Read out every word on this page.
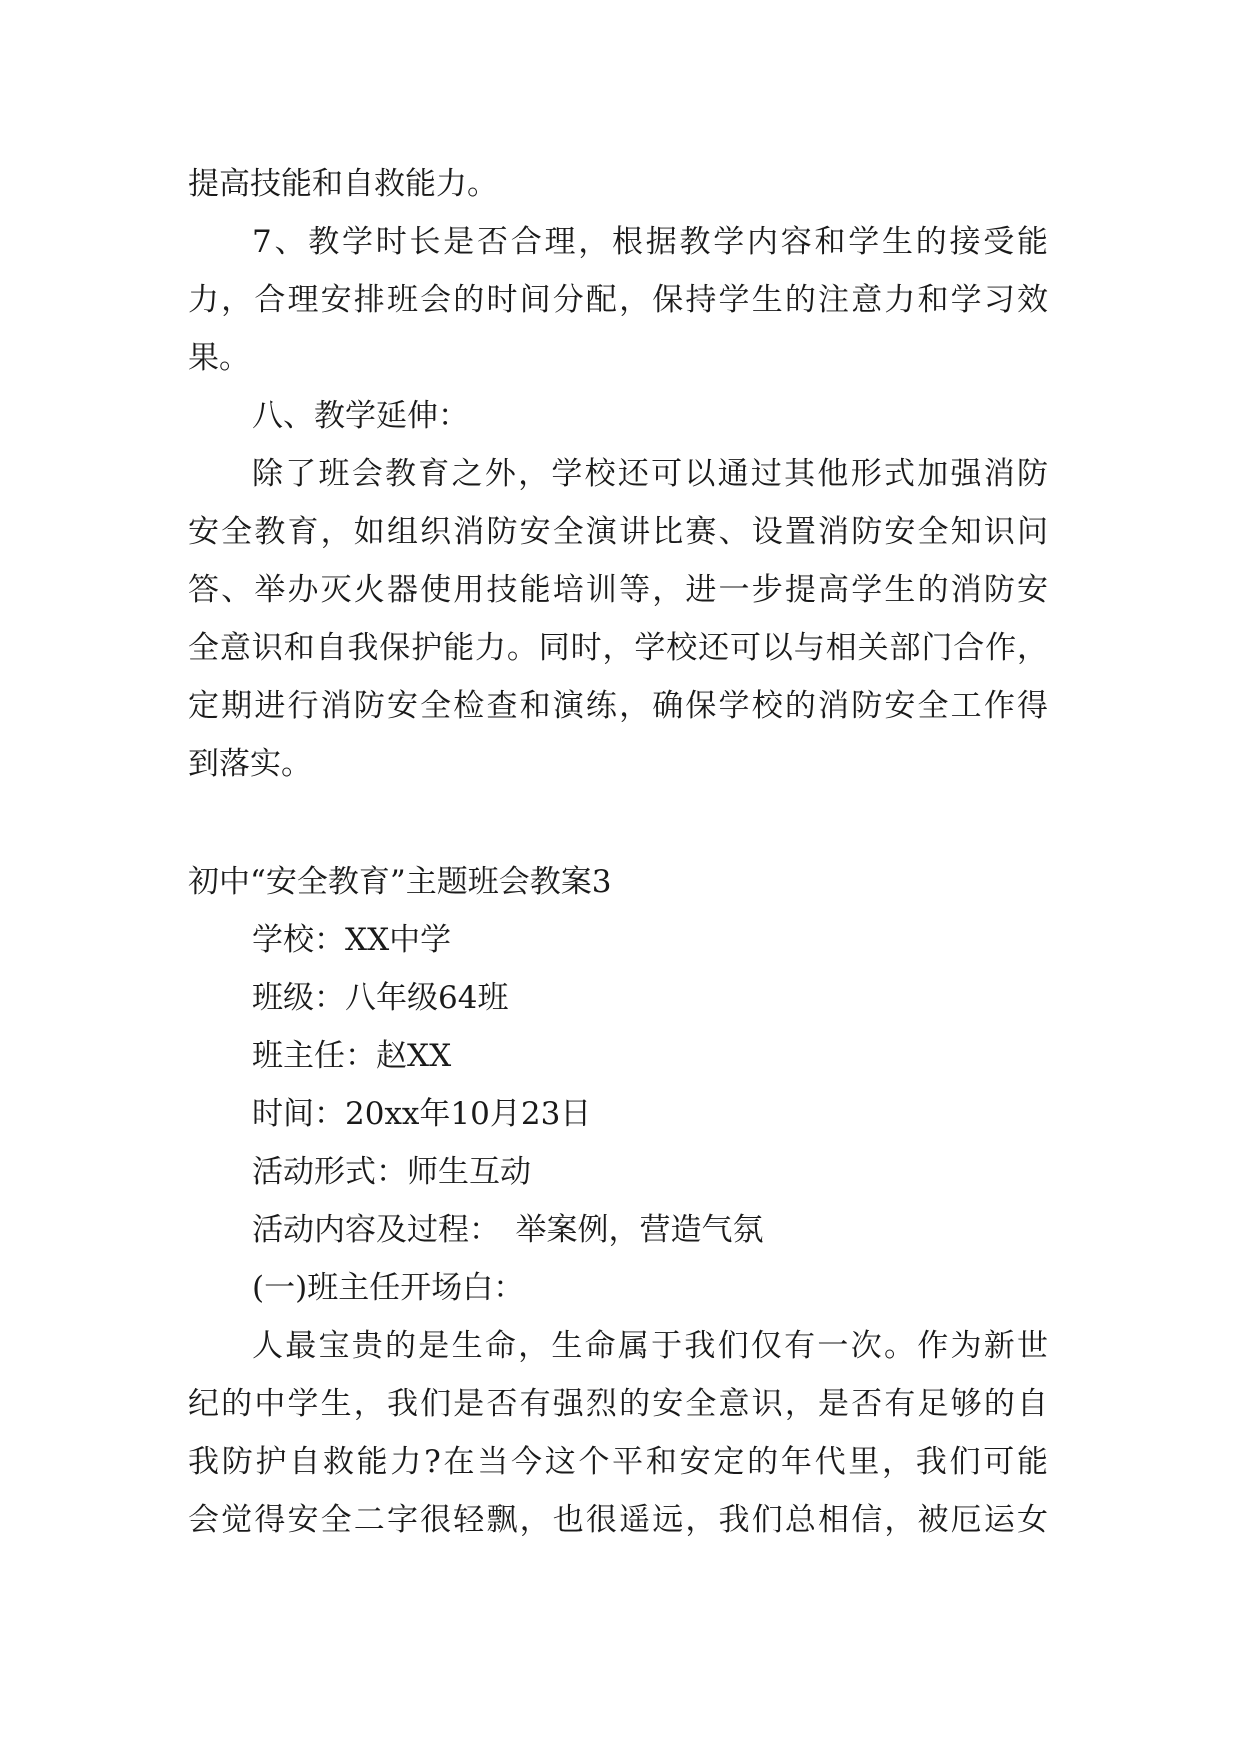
提高技能和自救能力。
7、教学时长是否合理，根据教学内容和学生的接受能
力，合理安排班会的时间分配，保持学生的注意力和学习效
果。
八、教学延伸：
除了班会教育之外，学校还可以通过其他形式加强消防
安全教育，如组织消防安全演讲比赛、设置消防安全知识问
答、举办灭火器使用技能培训等，进一步提高学生的消防安
全意识和自我保护能力。同时，学校还可以与相关部门合作，
定期进行消防安全检查和演练，确保学校的消防安全工作得
到落实。
初中“安全教育”主题班会教案3
学校：XX中学
班级：八年级64班
班主任：赵XX
时间：20xx年10月23日
活动形式：师生互动
活动内容及过程：　举案例，营造气氛
(一)班主任开场白：
人最宝贵的是生命，生命属于我们仅有一次。作为新世
纪的中学生，我们是否有强烈的安全意识，是否有足够的自
我防护自救能力?在当今这个平和安定的年代里，我们可能
会觉得安全二字很轻飘，也很遥远，我们总相信，被厄运女
